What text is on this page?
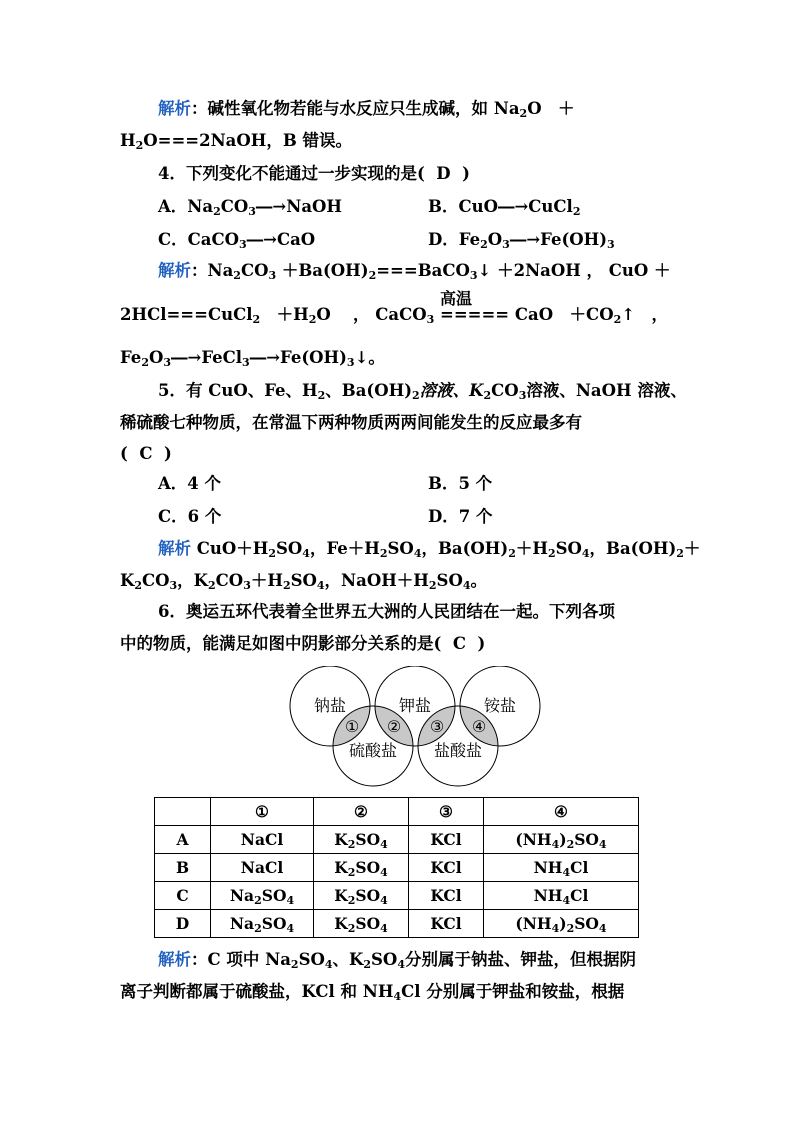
解析：碱性氧化物若能与水反应只生成碱，如 $Na_2O$　＋
$H_2O===2NaOH$，B 错误。
4．下列变化不能通过一步实现的是( D )
A．$Na_2CO_3―\to NaOH$	B．CuO―→CuCl$_2$
C．CaCO$_3$―→CaO	D．$Fe_2O_3―\to Fe(OH)_3$
解析：$Na_2CO_3$ $+Ba(OH)_2===BaCO_3↓$ ＋2NaOH ， CuO ＋
高温
2HCl===CuCl$_2$　$+H_2O$　 ， CaCO$_3$ ===== CaO　$+CO_2↑$　，
$Fe_2O_3―\to FeCl_3―\to Fe(OH)_3↓$。
5．有 CuO、Fe、$H_2$、$Ba(OH)_2$溶液、$K_2CO_3$溶液、NaOH 溶液、
稀硫酸七种物质，在常温下两种物质两两间能发生的反应最多有
( C )
A．4 个	B．5 个
C．6 个	D．7 个
解析 $CuO+H_2SO_4$，$Fe+H_2SO_4$，$Ba(OH)_2+H_2SO_4$，$Ba(OH)_2+$
$K_2CO_3$，$K_2CO_3+H_2SO_4$，$NaOH+H_2SO_4$。
6．奥运五环代表着全世界五大洲的人民团结在一起。下列各项
中的物质，能满足如图中阴影部分关系的是( C )
钠盐	钾盐	铵盐
硫酸盐 盐酸盐
① ② ③ ④
	①	②	③	④
A	NaCl	$K_2SO_4$	KCl	$(NH_4)_2SO_4$
B	NaCl	$K_2SO_4$	KCl	$NH_4Cl$
C	$Na_2SO_4$	$K_2SO_4$	KCl	$NH_4Cl$
D	$Na_2SO_4$	$K_2SO_4$	KCl	$(NH_4)_2SO_4$
解析：C 项中 $Na_2SO_4$、$K_2SO_4$分别属于钠盐、钾盐，但根据阴
离子判断都属于硫酸盐，KCl 和 $NH_4Cl$ 分别属于钾盐和铵盐，根据
